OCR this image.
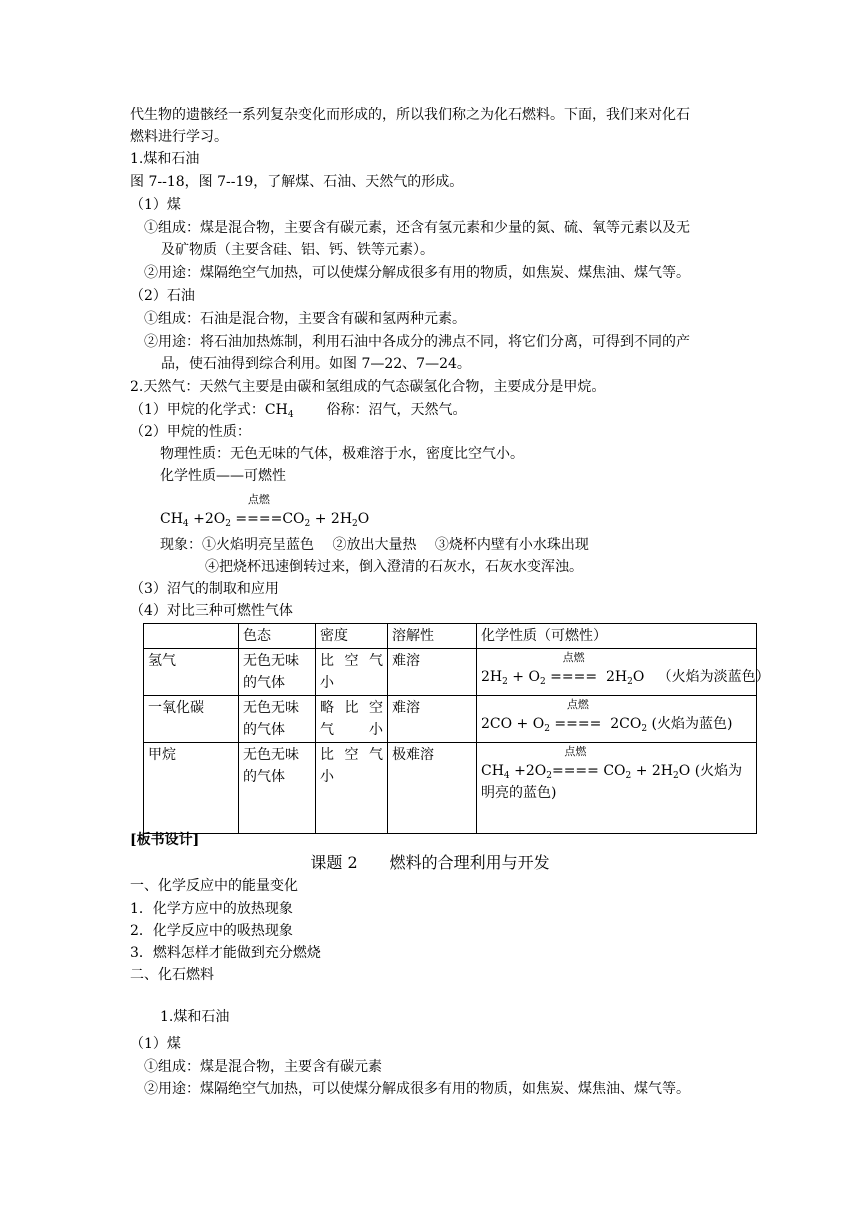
代生物的遗骸经一系列复杂变化而形成的，所以我们称之为化石燃料。下面，我们来对化石
燃料进行学习。
1.煤和石油
图 7--18，图 7--19，了解煤、石油、天然气的形成。
（1）煤
①组成：煤是混合物，主要含有碳元素，还含有氢元素和少量的氮、硫、氧等元素以及无
及矿物质（主要含硅、铝、钙、铁等元素）。
②用途：煤隔绝空气加热，可以使煤分解成很多有用的物质，如焦炭、煤焦油、煤气等。
（2）石油
①组成：石油是混合物，主要含有碳和氢两种元素。
②用途：将石油加热炼制，利用石油中各成分的沸点不同，将它们分离，可得到不同的产
品，使石油得到综合利用。如图 7—22、7—24。
2.天然气：天然气主要是由碳和氢组成的气态碳氢化合物，主要成分是甲烷。
（1）甲烷的化学式：$CH_4$ 俗称：沼气，天然气。
（2）甲烷的性质：
物理性质：无色无味的气体，极难溶于水，密度比空气小。
化学性质——可燃性
$CH_4 +2O_2$
点燃
$====CO_2 + 2H_2O$
现象：①火焰明亮呈蓝色　 ②放出大量热　 ③烧杯内壁有小水珠出现
④把烧杯迅速倒转过来，倒入澄清的石灰水，石灰水变浑浊。
（3）沼气的制取和应用
（4）对比三种可燃性气体
	色态	密度	溶解性	化学性质（可燃性）
氢气	无色无味的气体	比 空 气 小	难溶	$2H_2 + O_2$
点燃
====  $2H_2O$   （火焰为淡蓝色）

一氧化碳	无色无味的气体	略 比 空 气小	难溶	$2CO + O_2$
点燃
====  $2CO_2$ (火焰为蓝色)

甲烷	无色无味的气体	比 空 气 小	极难溶	$CH_4 +2O_2$
点燃
==== $CO_2 + 2H_2O$ (火焰为明亮的蓝色)
[板书设计]
课题 2　　燃料的合理利用与开发
一、化学反应中的能量变化
1．化学方应中的放热现象
2．化学反应中的吸热现象
3．燃料怎样才能做到充分燃烧
二、化石燃料
1.煤和石油
（1）煤
①组成：煤是混合物，主要含有碳元素
②用途：煤隔绝空气加热，可以使煤分解成很多有用的物质，如焦炭、煤焦油、煤气等。
